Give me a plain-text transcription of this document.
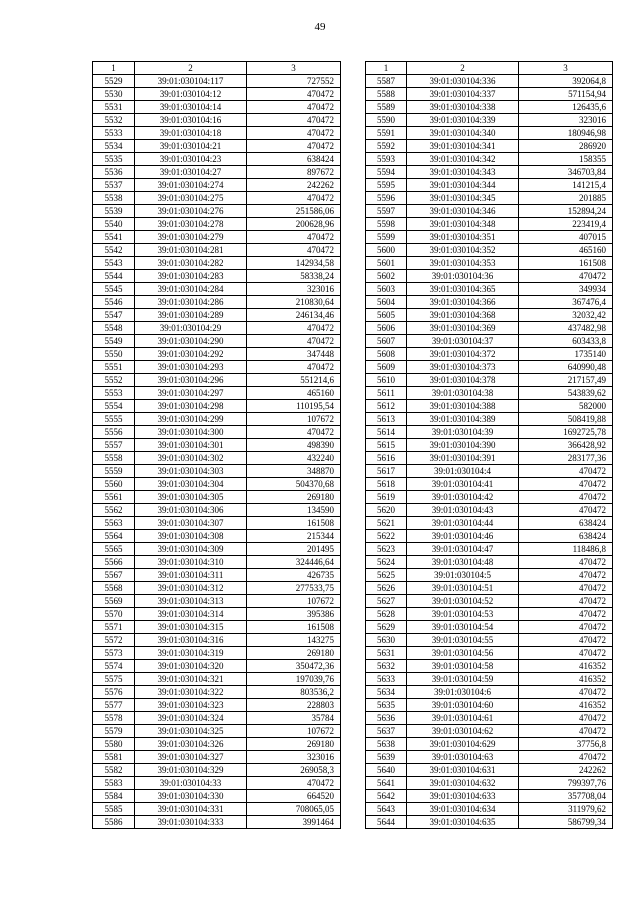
49
1	2	3
5529	39:01:030104:117	727552
5530	39:01:030104:12	470472
5531	39:01:030104:14	470472
5532	39:01:030104:16	470472
5533	39:01:030104:18	470472
5534	39:01:030104:21	470472
5535	39:01:030104:23	638424
5536	39:01:030104:27	897672
5537	39:01:030104:274	242262
5538	39:01:030104:275	470472
5539	39:01:030104:276	251586,06
5540	39:01:030104:278	200628,96
5541	39:01:030104:279	470472
5542	39:01:030104:281	470472
5543	39:01:030104:282	142934,58
5544	39:01:030104:283	58338,24
5545	39:01:030104:284	323016
5546	39:01:030104:286	210830,64
5547	39:01:030104:289	246134,46
5548	39:01:030104:29	470472
5549	39:01:030104:290	470472
5550	39:01:030104:292	347448
5551	39:01:030104:293	470472
5552	39:01:030104:296	551214,6
5553	39:01:030104:297	465160
5554	39:01:030104:298	110195,54
5555	39:01:030104:299	107672
5556	39:01:030104:300	470472
5557	39:01:030104:301	498390
5558	39:01:030104:302	432240
5559	39:01:030104:303	348870
5560	39:01:030104:304	504370,68
5561	39:01:030104:305	269180
5562	39:01:030104:306	134590
5563	39:01:030104:307	161508
5564	39:01:030104:308	215344
5565	39:01:030104:309	201495
5566	39:01:030104:310	324446,64
5567	39:01:030104:311	426735
5568	39:01:030104:312	277533,75
5569	39:01:030104:313	107672
5570	39:01:030104:314	395386
5571	39:01:030104:315	161508
5572	39:01:030104:316	143275
5573	39:01:030104:319	269180
5574	39:01:030104:320	350472,36
5575	39:01:030104:321	197039,76
5576	39:01:030104:322	803536,2
5577	39:01:030104:323	228803
5578	39:01:030104:324	35784
5579	39:01:030104:325	107672
5580	39:01:030104:326	269180
5581	39:01:030104:327	323016
5582	39:01:030104:329	269058,3
5583	39:01:030104:33	470472
5584	39:01:030104:330	664520
5585	39:01:030104:331	708065,05
5586	39:01:030104:333	3991464
1	2	3
5587	39:01:030104:336	392064,8
5588	39:01:030104:337	571154,94
5589	39:01:030104:338	126435,6
5590	39:01:030104:339	323016
5591	39:01:030104:340	180946,98
5592	39:01:030104:341	286920
5593	39:01:030104:342	158355
5594	39:01:030104:343	346703,84
5595	39:01:030104:344	141215,4
5596	39:01:030104:345	201885
5597	39:01:030104:346	152894,24
5598	39:01:030104:348	223419,4
5599	39:01:030104:351	407015
5600	39:01:030104:352	465160
5601	39:01:030104:353	161508
5602	39:01:030104:36	470472
5603	39:01:030104:365	349934
5604	39:01:030104:366	367476,4
5605	39:01:030104:368	32032,42
5606	39:01:030104:369	437482,98
5607	39:01:030104:37	603433,8
5608	39:01:030104:372	1735140
5609	39:01:030104:373	640990,48
5610	39:01:030104:378	217157,49
5611	39:01:030104:38	543839,62
5612	39:01:030104:388	582000
5613	39:01:030104:389	508419,88
5614	39:01:030104:39	1692725,78
5615	39:01:030104:390	366428,92
5616	39:01:030104:391	283177,36
5617	39:01:030104:4	470472
5618	39:01:030104:41	470472
5619	39:01:030104:42	470472
5620	39:01:030104:43	470472
5621	39:01:030104:44	638424
5622	39:01:030104:46	638424
5623	39:01:030104:47	118486,8
5624	39:01:030104:48	470472
5625	39:01:030104:5	470472
5626	39:01:030104:51	470472
5627	39:01:030104:52	470472
5628	39:01:030104:53	470472
5629	39:01:030104:54	470472
5630	39:01:030104:55	470472
5631	39:01:030104:56	470472
5632	39:01:030104:58	416352
5633	39:01:030104:59	416352
5634	39:01:030104:6	470472
5635	39:01:030104:60	416352
5636	39:01:030104:61	470472
5637	39:01:030104:62	470472
5638	39:01:030104:629	37756,8
5639	39:01:030104:63	470472
5640	39:01:030104:631	242262
5641	39:01:030104:632	799397,76
5642	39:01:030104:633	357708,04
5643	39:01:030104:634	311979,62
5644	39:01:030104:635	586799,34
